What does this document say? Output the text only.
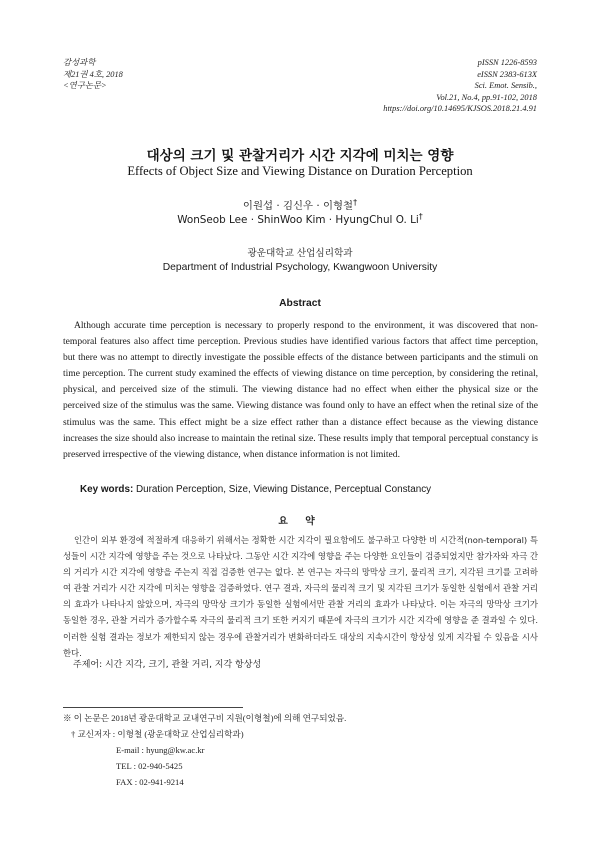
감성과학
제21권 4호, 2018
<연구논문>
pISSN 1226-8593
eISSN 2383-613X
Sci. Emot. Sensib.,
Vol.21, No.4, pp.91-102, 2018
https://doi.org/10.14695/KJSOS.2018.21.4.91
대상의 크기 및 관찰거리가 시간 지각에 미치는 영향
Effects of Object Size and Viewing Distance on Duration Perception
이원섭 · 김신우 · 이형철†
WonSeob Lee · ShinWoo Kim · HyungChul O. Li†
광운대학교 산업심리학과
Department of Industrial Psychology, Kwangwoon University
Abstract

Although accurate time perception is necessary to properly respond to the environment, it was discovered that non-temporal features also affect time perception. Previous studies have identified various factors that affect time perception, but there was no attempt to directly investigate the possible effects of the distance between participants and the stimuli on time perception. The current study examined the effects of viewing distance on time perception, by considering the retinal, physical, and perceived size of the stimuli. The viewing distance had no effect when either the physical size or the perceived size of the stimulus was the same. Viewing distance was found only to have an effect when the retinal size of the stimulus was the same. This effect might be a size effect rather than a distance effect because as the viewing distance increases the size should also increase to maintain the retinal size. These results imply that temporal perceptual constancy is preserved irrespective of the viewing distance, when distance information is not limited.

Key words: Duration Perception, Size, Viewing Distance, Perceptual Constancy
요 약

인간이 외부 환경에 적절하게 대응하기 위해서는 정확한 시간 지각이 필요함에도 불구하고 다양한 비 시간적(non-temporal) 특성들이 시간 지각에 영향을 주는 것으로 나타났다. 그동안 시간 지각에 영향을 주는 다양한 요인들이 검증되었지만 참가자와 자극 간의 거리가 시간 지각에 영향을 주는지 직접 검증한 연구는 없다. 본 연구는 자극의 망막상 크기, 물리적 크기, 지각된 크기를 고려하여 관찰 거리가 시간 지각에 미치는 영향을 검증하였다. 연구 결과, 자극의 물리적 크기 및 지각된 크기가 동일한 실험에서 관찰 거리의 효과가 나타나지 않았으며, 자극의 망막상 크기가 동일한 실험에서만 관찰 거리의 효과가 나타났다. 이는 자극의 망막상 크기가 동일한 경우, 관찰 거리가 증가할수록 자극의 물리적 크기 또한 커지기 때문에 자극의 크기가 시간 지각에 영향을 준 결과일 수 있다. 이러한 실험 결과는 정보가 제한되지 않는 경우에 관찰거리가 변화하더라도 대상의 지속시간이 항상성 있게 지각될 수 있음을 시사한다.

주제어: 시간 지각, 크기, 관찰 거리, 지각 항상성
※ 이 논문은 2018년 광운대학교 교내연구비 지원(이형철)에 의해 연구되었음.
† 교신저자 : 이형철 (광운대학교 산업심리학과)
E-mail : hyung@kw.ac.kr
TEL : 02-940-5425
FAX : 02-941-9214
